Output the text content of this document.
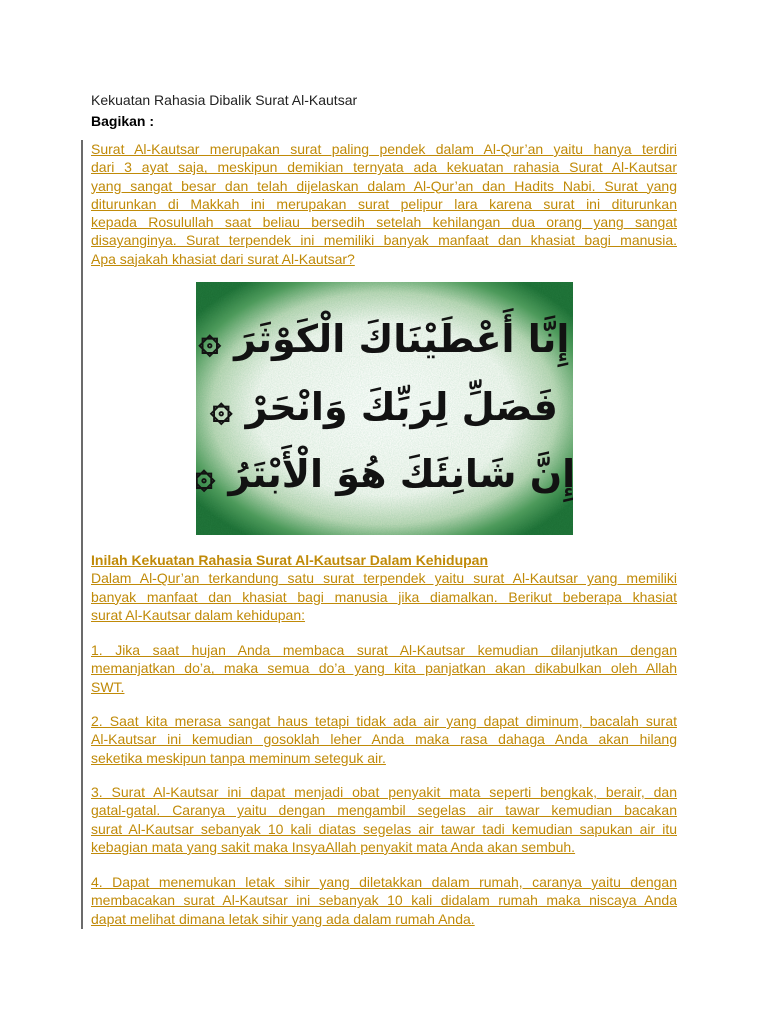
Kekuatan Rahasia Dibalik Surat Al-Kautsar
Bagikan :
Surat Al-Kautsar merupakan surat paling pendek dalam Al-Qur’an yaitu hanya terdiri
dari 3 ayat saja, meskipun demikian ternyata ada kekuatan rahasia Surat Al-Kautsar
yang sangat besar dan telah dijelaskan dalam Al-Qur’an dan Hadits Nabi. Surat yang
diturunkan di Makkah ini merupakan surat pelipur lara karena surat ini diturunkan
kepada Rosulullah saat beliau bersedih setelah kehilangan dua orang yang sangat
disayanginya. Surat terpendek ini memiliki banyak manfaat dan khasiat bagi manusia.
Apa sajakah khasiat dari surat Al-Kautsar?
إِنَّا أَعْطَيْنَاكَ الْكَوْثَرَ ۞
فَصَلِّ لِرَبِّكَ وَانْحَرْ ۞
إِنَّ شَانِئَكَ هُوَ الْأَبْتَرُ ۞
Inilah Kekuatan Rahasia Surat Al-Kautsar Dalam Kehidupan
Dalam Al-Qur’an terkandung satu surat terpendek yaitu surat Al-Kautsar yang memiliki
banyak manfaat dan khasiat bagi manusia jika diamalkan. Berikut beberapa khasiat
surat Al-Kautsar dalam kehidupan:
1. Jika saat hujan Anda membaca surat Al-Kautsar kemudian dilanjutkan dengan
memanjatkan do’a, maka semua do’a yang kita panjatkan akan dikabulkan oleh Allah
SWT.
2. Saat kita merasa sangat haus tetapi tidak ada air yang dapat diminum, bacalah surat
Al-Kautsar ini kemudian gosoklah leher Anda maka rasa dahaga Anda akan hilang
seketika meskipun tanpa meminum seteguk air.
3. Surat Al-Kautsar ini dapat menjadi obat penyakit mata seperti bengkak, berair, dan
gatal-gatal. Caranya yaitu dengan mengambil segelas air tawar kemudian bacakan
surat Al-Kautsar sebanyak 10 kali diatas segelas air tawar tadi kemudian sapukan air itu
kebagian mata yang sakit maka InsyaAllah penyakit mata Anda akan sembuh.
4. Dapat menemukan letak sihir yang diletakkan dalam rumah, caranya yaitu dengan
membacakan surat Al-Kautsar ini sebanyak 10 kali didalam rumah maka niscaya Anda
dapat melihat dimana letak sihir yang ada dalam rumah Anda.
